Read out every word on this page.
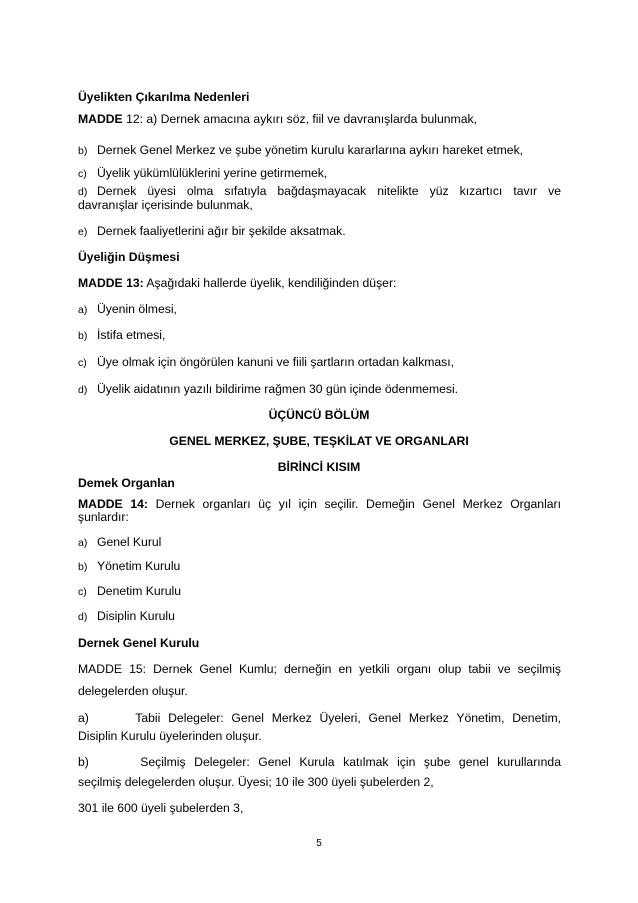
Üyelikten Çıkarılma Nedenleri
MADDE 12: a) Dernek amacına aykırı söz, fiil ve davranışlarda bulunmak,
b) Dernek Genel Merkez ve şube yönetim kurulu kararlarına aykırı hareket etmek,
c) Üyelik yükümlülüklerini yerine getirmemek,
d) Dernek üyesi olma sıfatıyla bağdaşmayacak nitelikte yüz kızartıcı tavır ve
davranışlar içerisinde bulunmak,
e) Dernek faaliyetlerini ağır bir şekilde aksatmak.
Üyeliğin Düşmesi
MADDE 13: Aşağıdaki hallerde üyelik, kendiliğinden düşer:
a) Üyenin ölmesi,
b) İstifa etmesi,
c) Üye olmak için öngörülen kanuni ve fiili şartların ortadan kalkması,
d) Üyelik aidatının yazılı bildirime rağmen 30 gün içinde ödenmemesi.
ÜÇÜNCÜ BÖLÜM
GENEL MERKEZ, ŞUBE, TEŞKİLAT VE ORGANLARI
BİRİNCİ KISIM
Demek Organlan
MADDE 14: Dernek organları üç yıl için seçilir. Demeğin Genel Merkez Organları
şunlardır:
a) Genel Kurul
b) Yönetim Kurulu
c) Denetim Kurulu
d) Disiplin Kurulu
Dernek Genel Kurulu
MADDE 15: Dernek Genel Kumlu; derneğin en yetkili organı olup tabii ve seçilmiş
delegelerden oluşur.
a)      Tabii Delegeler: Genel Merkez Üyeleri, Genel Merkez Yönetim, Denetim,
Disiplin Kurulu üyelerinden oluşur.
b)      Seçilmiş Delegeler: Genel Kurula katılmak için şube genel kurullarında
seçilmiş delegelerden oluşur. Üyesi; 10 ile 300 üyeli şubelerden 2,
301 ile 600 üyeli şubelerden 3,
5
